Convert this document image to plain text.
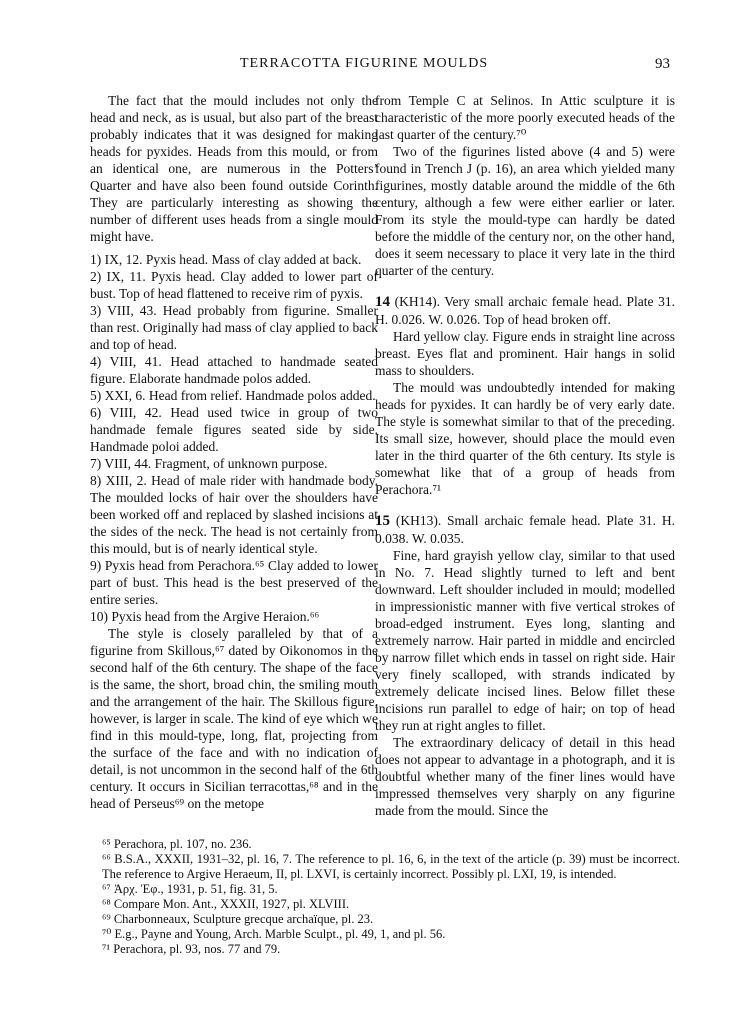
TERRACOTTA FIGURINE MOULDS	93

The fact that the mould includes not only the head and neck, as is usual, but also part of the breast probably indicates that it was designed for making heads for pyxides. Heads from this mould, or from an identical one, are numerous in the Potters’ Quarter and have also been found outside Corinth. They are particularly interesting as showing the number of different uses heads from a single mould might have.

1) IX, 12. Pyxis head. Mass of clay added at back.

2) IX, 11. Pyxis head. Clay added to lower part of bust. Top of head flattened to receive rim of pyxis.

3) VIII, 43. Head probably from figurine. Smaller than rest. Originally had mass of clay applied to back and top of head.

4) VIII, 41. Head attached to handmade seated figure. Elaborate handmade polos added.

5) XXI, 6. Head from relief. Handmade polos added.

6) VIII, 42. Head used twice in group of two handmade female figures seated side by side. Handmade poloi added.

7) VIII, 44. Fragment, of unknown purpose.

8) XIII, 2. Head of male rider with handmade body. The moulded locks of hair over the shoulders have been worked off and replaced by slashed incisions at the sides of the neck. The head is not certainly from this mould, but is of nearly identical style.

9) Pyxis head from Perachora.⁶⁵ Clay added to lower part of bust. This head is the best preserved of the entire series.

10) Pyxis head from the Argive Heraion.⁶⁶

The style is closely paralleled by that of a figurine from Skillous,⁶⁷ dated by Oikonomos in the second half of the 6th century. The shape of the face is the same, the short, broad chin, the smiling mouth and the arrangement of the hair. The Skillous figure, however, is larger in scale. The kind of eye which we find in this mould-type, long, flat, projecting from the surface of the face and with no indication of detail, is not uncommon in the second half of the 6th century. It occurs in Sicilian terracottas,⁶⁸ and in the head of Perseus⁶⁹ on the metope

from Temple C at Selinos. In Attic sculpture it is characteristic of the more poorly executed heads of the last quarter of the century.⁷⁰

Two of the figurines listed above (4 and 5) were found in Trench J (p. 16), an area which yielded many figurines, mostly datable around the middle of the 6th century, although a few were either earlier or later. From its style the mould-type can hardly be dated before the middle of the century nor, on the other hand, does it seem necessary to place it very late in the third quarter of the century.

14 (KH14). Very small archaic female head. Plate 31. H. 0.026. W. 0.026. Top of head broken off.

Hard yellow clay. Figure ends in straight line across breast. Eyes flat and prominent. Hair hangs in solid mass to shoulders.

The mould was undoubtedly intended for making heads for pyxides. It can hardly be of very early date. The style is somewhat similar to that of the preceding. Its small size, however, should place the mould even later in the third quarter of the 6th century. Its style is somewhat like that of a group of heads from Perachora.⁷¹

15 (KH13). Small archaic female head. Plate 31. H. 0.038. W. 0.035.

Fine, hard grayish yellow clay, similar to that used in No. 7. Head slightly turned to left and bent downward. Left shoulder included in mould; modelled in impressionistic manner with five vertical strokes of broad-edged instrument. Eyes long, slanting and extremely narrow. Hair parted in middle and encircled by narrow fillet which ends in tassel on right side. Hair very finely scalloped, with strands indicated by extremely delicate incised lines. Below fillet these incisions run parallel to edge of hair; on top of head they run at right angles to fillet.

The extraordinary delicacy of detail in this head does not appear to advantage in a photograph, and it is doubtful whether many of the finer lines would have impressed themselves very sharply on any figurine made from the mould. Since the

⁶⁵ Perachora, pl. 107, no. 236.

⁶⁶ B.S.A., XXXII, 1931–32, pl. 16, 7. The reference to pl. 16, 6, in the text of the article (p. 39) must be incorrect. The reference to Argive Heraeum, II, pl. LXVI, is certainly incorrect. Possibly pl. LXI, 19, is intended.

⁶⁷ Ἀρχ. Ἐφ., 1931, p. 51, fig. 31, 5.

⁶⁸ Compare Mon. Ant., XXXII, 1927, pl. XLVIII.

⁶⁹ Charbonneaux, Sculpture grecque archaïque, pl. 23.

⁷⁰ E.g., Payne and Young, Arch. Marble Sculpt., pl. 49, 1, and pl. 56.

⁷¹ Perachora, pl. 93, nos. 77 and 79.
